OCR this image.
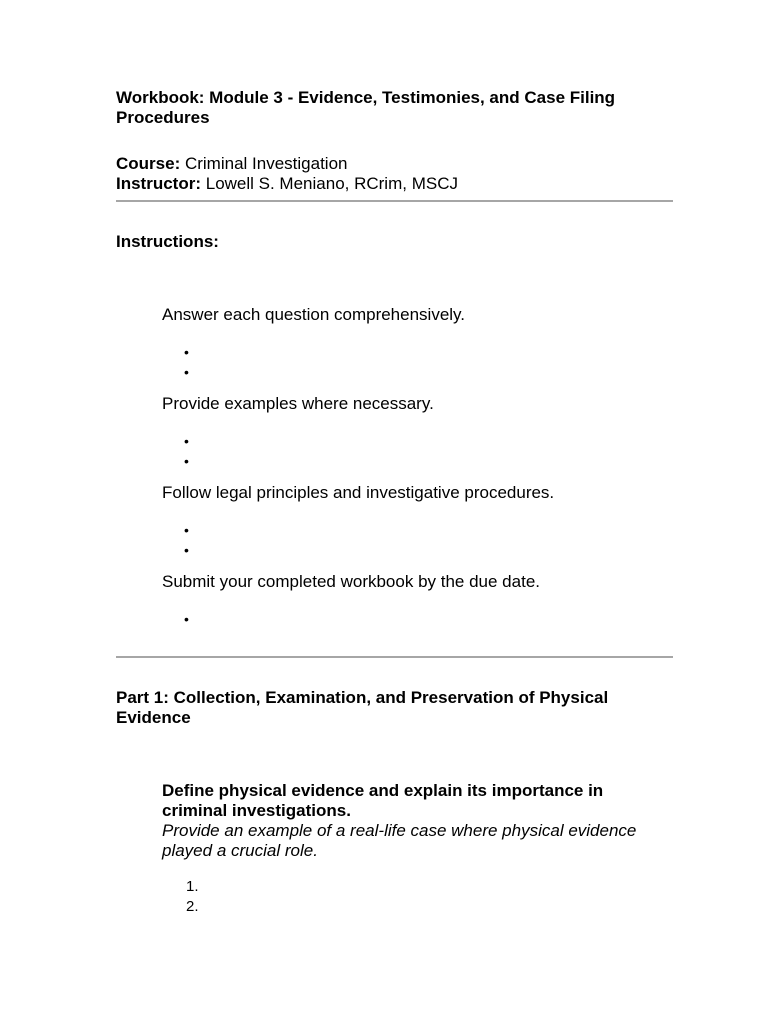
Workbook: Module 3 - Evidence, Testimonies, and Case Filing Procedures

Course: Criminal Investigation

Instructor: Lowell S. Meniano, RCrim, MSCJ

Instructions:

Answer each question comprehensively.

•
•

Provide examples where necessary.

•
•

Follow legal principles and investigative procedures.

•
•

Submit your completed workbook by the due date.

•

Part 1: Collection, Examination, and Preservation of Physical Evidence

Define physical evidence and explain its importance in criminal investigations.

Provide an example of a real-life case where physical evidence played a crucial role.

1.
2.
